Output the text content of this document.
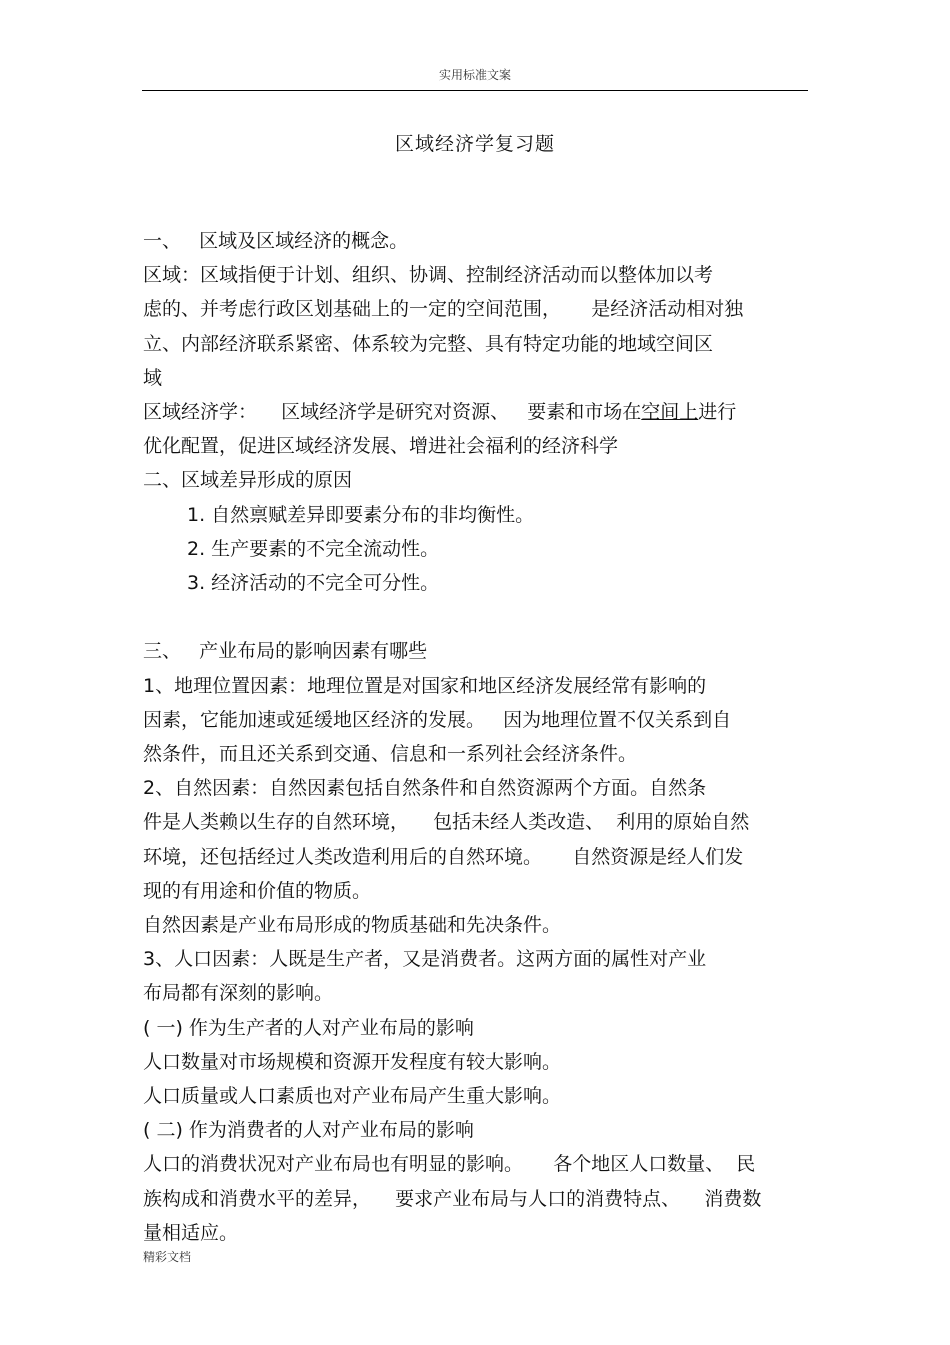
实用标准文案
区域经济学复习题
一、   区域及区域经济的概念。
区域：区域指便于计划、组织、协调、控制经济活动而以整体加以考
虑的、并考虑行政区划基础上的一定的空间范围，     是经济活动相对独
立、内部经济联系紧密、体系较为完整、具有特定功能的地域空间区
域
区域经济学：    区域经济学是研究对资源、   要素和市场在空间上进行
优化配置，促进区域经济发展、增进社会福利的经济科学
二、区域差异形成的原因
1. 自然禀赋差异即要素分布的非均衡性。
2. 生产要素的不完全流动性。
3. 经济活动的不完全可分性。
三、   产业布局的影响因素有哪些
1、地理位置因素：地理位置是对国家和地区经济发展经常有影响的
因素，它能加速或延缓地区经济的发展。   因为地理位置不仅关系到自
然条件，而且还关系到交通、信息和一系列社会经济条件。
2、自然因素：自然因素包括自然条件和自然资源两个方面。自然条
件是人类赖以生存的自然环境，    包括未经人类改造、  利用的原始自然
环境，还包括经过人类改造利用后的自然环境。     自然资源是经人们发
现的有用途和价值的物质。
自然因素是产业布局形成的物质基础和先决条件。
3、人口因素：人既是生产者，又是消费者。这两方面的属性对产业
布局都有深刻的影响。
( 一) 作为生产者的人对产业布局的影响
人口数量对市场规模和资源开发程度有较大影响。
人口质量或人口素质也对产业布局产生重大影响。
( 二) 作为消费者的人对产业布局的影响
人口的消费状况对产业布局也有明显的影响。     各个地区人口数量、  民
族构成和消费水平的差异，    要求产业布局与人口的消费特点、    消费数
量相适应。
精彩文档
